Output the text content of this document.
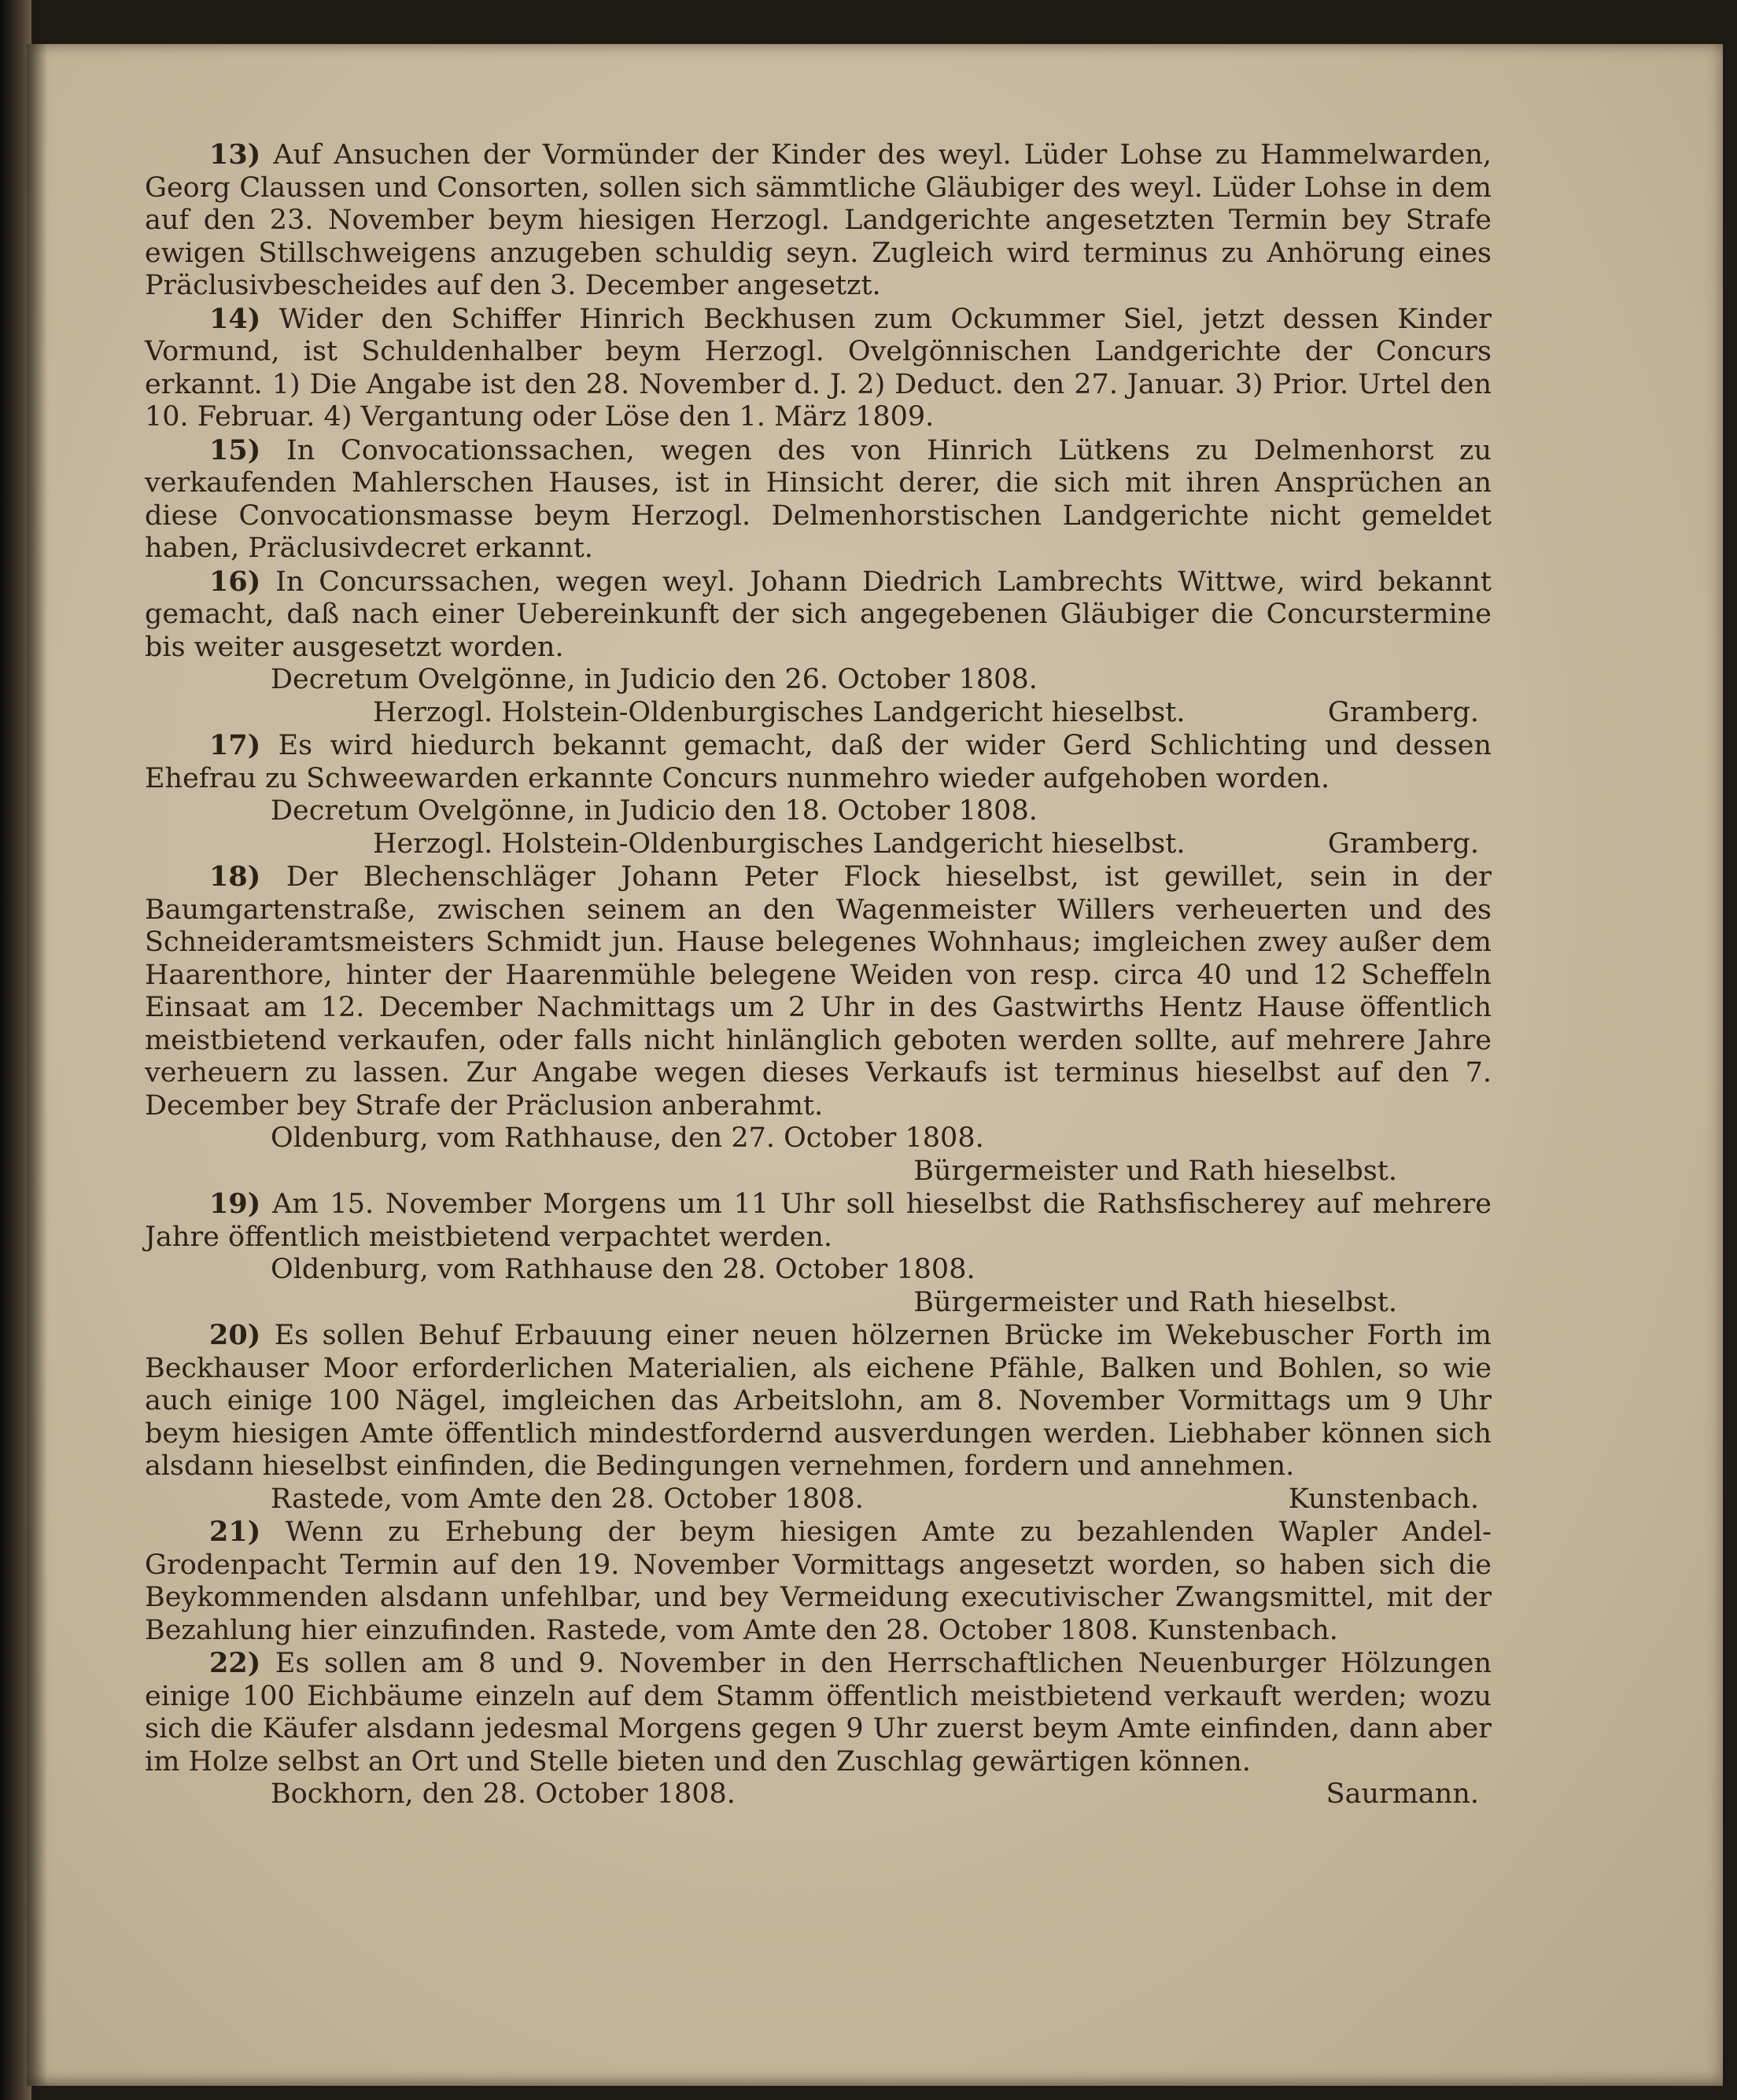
13) Auf Ansuchen der Vormünder der Kinder des weyl. Lüder Lohse zu Hammelwarden, Georg Claussen und Consorten, sollen sich sämmtliche Gläubiger des weyl. Lüder Lohse in dem auf den 23. November beym hiesigen Herzogl. Landgerichte angesetzten Termin bey Strafe ewigen Stillschweigens anzugeben schuldig seyn. Zugleich wird terminus zu Anhörung eines Präclusivbescheides auf den 3. December angesetzt.

14) Wider den Schiffer Hinrich Beckhusen zum Ockummer Siel, jetzt dessen Kinder Vormund, ist Schuldenhalber beym Herzogl. Ovelgönnischen Landgerichte der Concurs erkannt. 1) Die Angabe ist den 28. November d. J. 2) Deduct. den 27. Januar. 3) Prior. Urtel den 10. Februar. 4) Vergantung oder Löse den 1. März 1809.

15) In Convocationssachen, wegen des von Hinrich Lütkens zu Delmenhorst zu verkaufenden Mahlerschen Hauses, ist in Hinsicht derer, die sich mit ihren Ansprüchen an diese Convocationsmasse beym Herzogl. Delmenhorstischen Landgerichte nicht gemeldet haben, Präclusivdecret erkannt.

16) In Concurssachen, wegen weyl. Johann Diedrich Lambrechts Wittwe, wird bekannt gemacht, daß nach einer Uebereinkunft der sich angegebenen Gläubiger die Concurstermine bis weiter ausgesetzt worden.

Decretum Ovelgönne, in Judicio den 26. October 1808.

Herzogl. Holstein-Oldenburgisches Landgericht hieselbst.	Gramberg.

17) Es wird hiedurch bekannt gemacht, daß der wider Gerd Schlichting und dessen Ehefrau zu Schweewarden erkannte Concurs nunmehro wieder aufgehoben worden.

Decretum Ovelgönne, in Judicio den 18. October 1808.

Herzogl. Holstein-Oldenburgisches Landgericht hieselbst.	Gramberg.

18) Der Blechenschläger Johann Peter Flock hieselbst, ist gewillet, sein in der Baumgartenstraße, zwischen seinem an den Wagenmeister Willers verheuerten und des Schneideramtsmeisters Schmidt jun. Hause belegenes Wohnhaus; imgleichen zwey außer dem Haarenthore, hinter der Haarenmühle belegene Weiden von resp. circa 40 und 12 Scheffeln Einsaat am 12. December Nachmittags um 2 Uhr in des Gastwirths Hentz Hause öffentlich meistbietend verkaufen, oder falls nicht hinlänglich geboten werden sollte, auf mehrere Jahre verheuern zu lassen. Zur Angabe wegen dieses Verkaufs ist terminus hieselbst auf den 7. December bey Strafe der Präclusion anberahmt.

Oldenburg, vom Rathhause, den 27. October 1808.

Bürgermeister und Rath hieselbst.

19) Am 15. November Morgens um 11 Uhr soll hieselbst die Rathsfischerey auf mehrere Jahre öffentlich meistbietend verpachtet werden.

Oldenburg, vom Rathhause den 28. October 1808.

Bürgermeister und Rath hieselbst.

20) Es sollen Behuf Erbauung einer neuen hölzernen Brücke im Wekebuscher Forth im Beckhauser Moor erforderlichen Materialien, als eichene Pfähle, Balken und Bohlen, so wie auch einige 100 Nägel, imgleichen das Arbeitslohn, am 8. November Vormittags um 9 Uhr beym hiesigen Amte öffentlich mindestfordernd ausverdungen werden. Liebhaber können sich alsdann hieselbst einfinden, die Bedingungen vernehmen, fordern und annehmen.

Rastede, vom Amte den 28. October 1808.	Kunstenbach.

21) Wenn zu Erhebung der beym hiesigen Amte zu bezahlenden Wapler Andel-Grodenpacht Termin auf den 19. November Vormittags angesetzt worden, so haben sich die Beykommenden alsdann unfehlbar, und bey Vermeidung executivischer Zwangsmittel, mit der Bezahlung hier einzufinden. Rastede, vom Amte den 28. October 1808. Kunstenbach.

22) Es sollen am 8 und 9. November in den Herrschaftlichen Neuenburger Hölzungen einige 100 Eichbäume einzeln auf dem Stamm öffentlich meistbietend verkauft werden; wozu sich die Käufer alsdann jedesmal Morgens gegen 9 Uhr zuerst beym Amte einfinden, dann aber im Holze selbst an Ort und Stelle bieten und den Zuschlag gewärtigen können.

Bockhorn, den 28. October 1808.	Saurmann.
